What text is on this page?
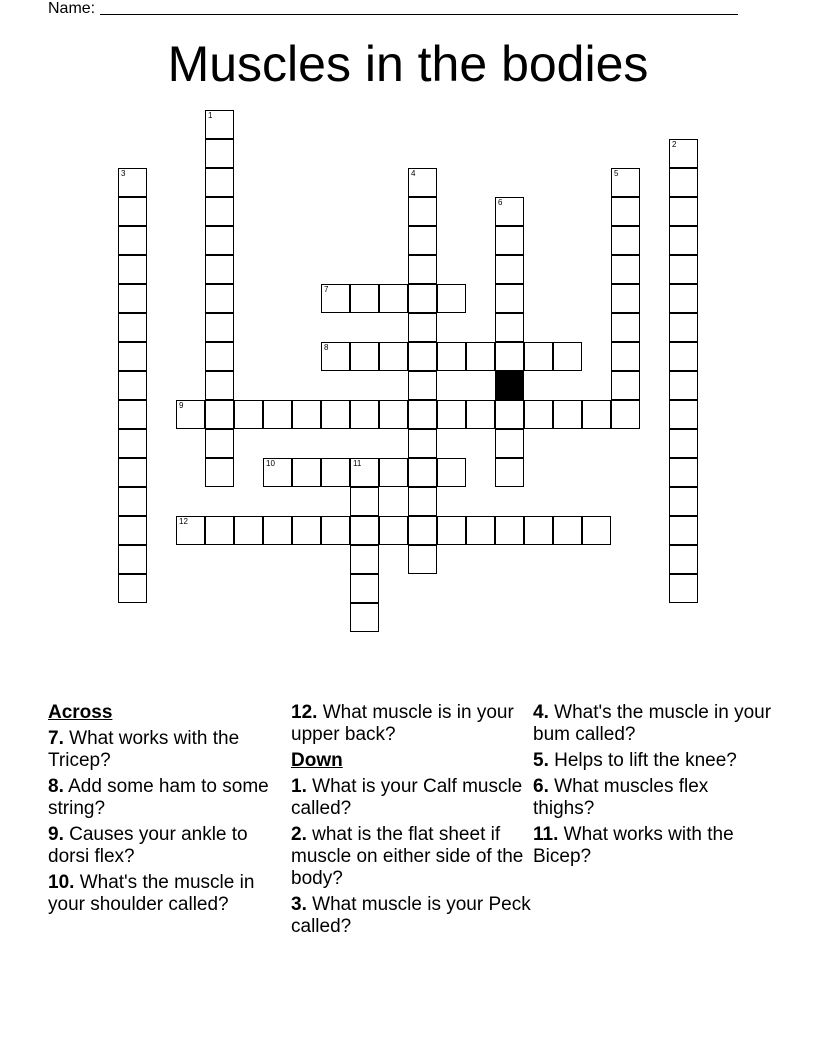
Name:
Muscles in the bodies
1
2
3	4	5
6
7
8
9
10	11
12
Across
7. What works with the Tricep?
8. Add some ham to some string?
9. Causes your ankle to dorsi flex?
10. What's the muscle in your shoulder called?
12. What muscle is in your upper back?
Down
1. What is your Calf muscle called?
2. what is the flat sheet if muscle on either side of the body?
3. What muscle is your Peck called?
4. What's the muscle in your bum called?
5. Helps to lift the knee?
6. What muscles flex thighs?
11. What works with the Bicep?
